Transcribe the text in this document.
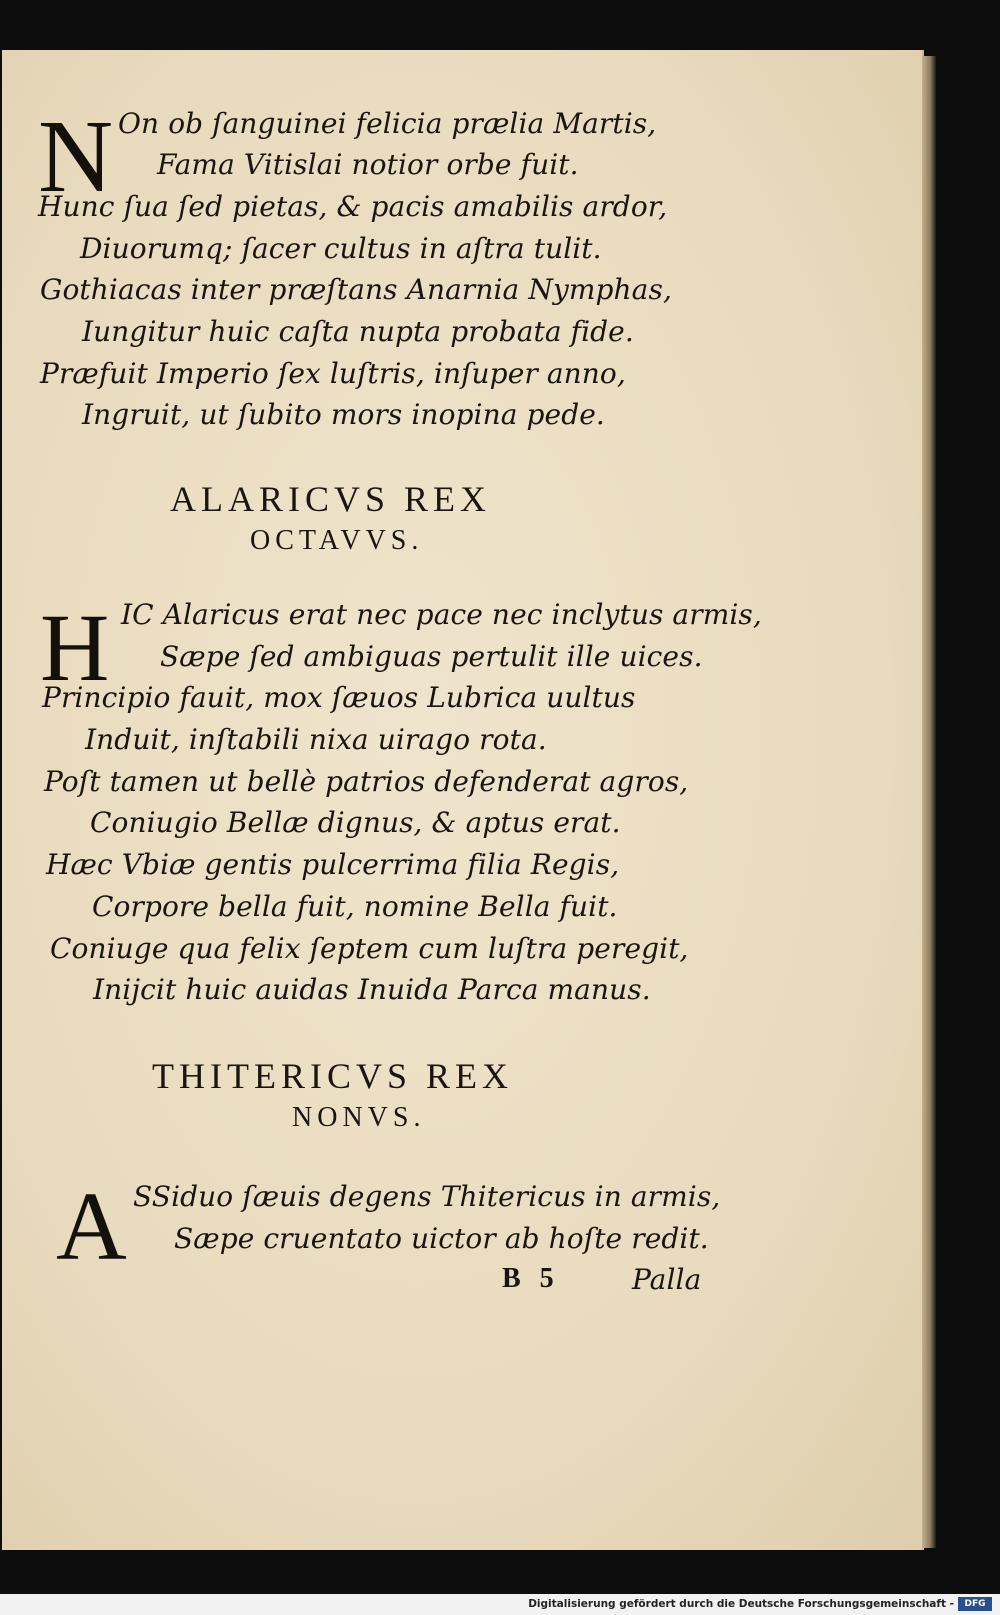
N On ob ſanguinei felicia prælia Martis,
Fama Vitislai notior orbe fuit.
Hunc ſua ſed pietas, & pacis amabilis ardor,
Diuorumq; ſacer cultus in aſtra tulit.
Gothiacas inter præſtans Anarnia Nymphas,
Iungitur huic caſta nupta probata fide.
Præfuit Imperio ſex luſtris, inſuper anno,
Ingruit, ut ſubito mors inopina pede.
ALARICVS REX
OCTAVVS.
H IC Alaricus erat nec pace nec inclytus armis,
Sæpe ſed ambiguas pertulit ille uices.
Principio fauit, mox ſæuos Lubrica uultus
Induit, inſtabili nixa uirago rota.
Poſt tamen ut bellè patrios defenderat agros,
Coniugio Bellæ dignus, & aptus erat.
Hæc Vbiæ gentis pulcerrima filia Regis,
Corpore bella fuit, nomine Bella fuit.
Coniuge qua felix ſeptem cum luſtra peregit,
Inijcit huic auidas Inuida Parca manus.
THITERICVS REX
NONVS.
A SSiduo ſæuis degens Thitericus in armis,
Sæpe cruentato uictor ab hoſte redit.
B 5	Palla
Digitalisierung gefördert durch die Deutsche Forschungsgemeinschaft -	DFG
